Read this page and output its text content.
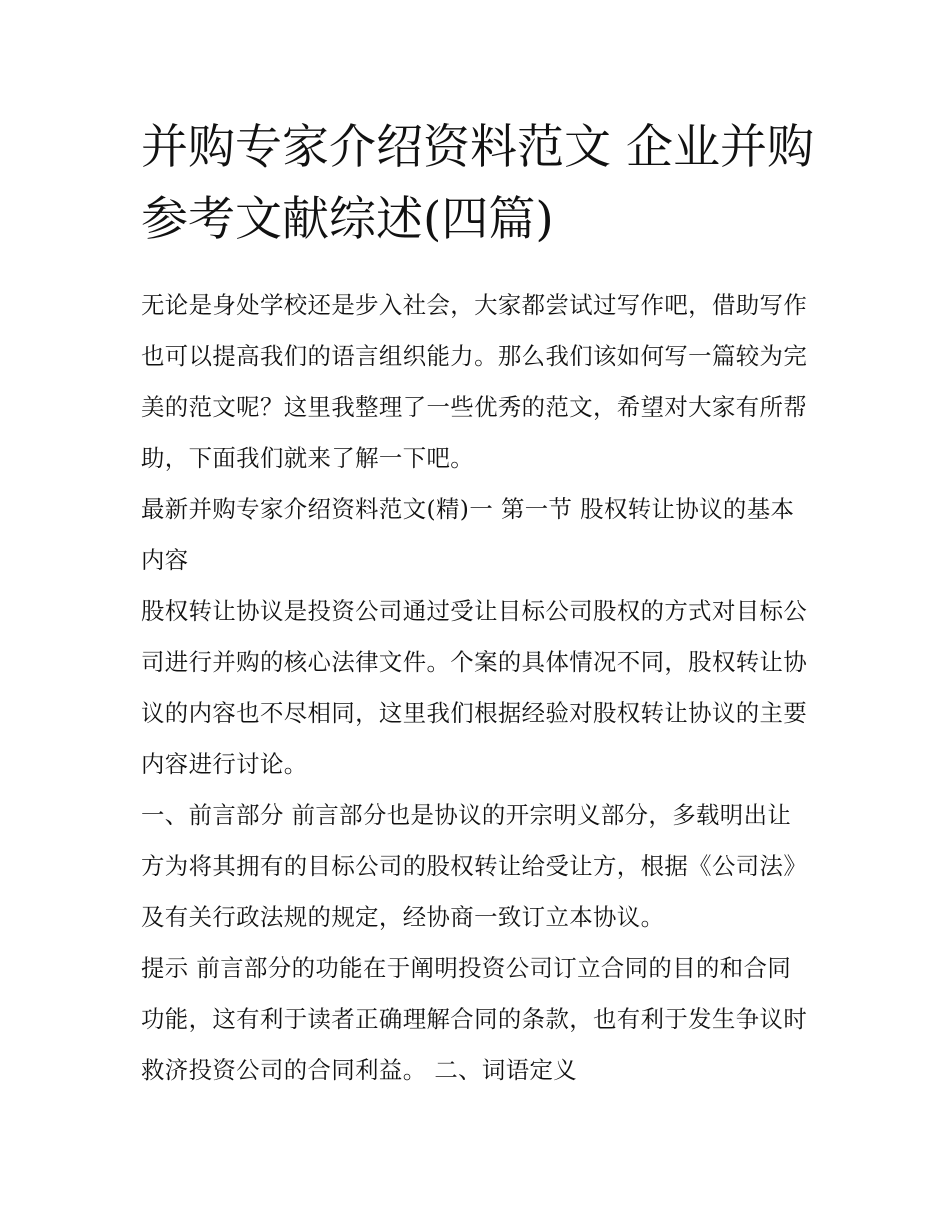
并购专家介绍资料范文 企业并购参考文献综述(四篇)

无论是身处学校还是步入社会，大家都尝试过写作吧，借助写作也可以提高我们的语言组织能力。那么我们该如何写一篇较为完美的范文呢？这里我整理了一些优秀的范文，希望对大家有所帮助，下面我们就来了解一下吧。

最新并购专家介绍资料范文(精)一 第一节 股权转让协议的基本内容

股权转让协议是投资公司通过受让目标公司股权的方式对目标公司进行并购的核心法律文件。个案的具体情况不同，股权转让协议的内容也不尽相同，这里我们根据经验对股权转让协议的主要内容进行讨论。

一、前言部分 前言部分也是协议的开宗明义部分，多载明出让方为将其拥有的目标公司的股权转让给受让方，根据《公司法》及有关行政法规的规定，经协商一致订立本协议。

提示 前言部分的功能在于阐明投资公司订立合同的目的和合同功能，这有利于读者正确理解合同的条款，也有利于发生争议时救济投资公司的合同利益。 二、词语定义
